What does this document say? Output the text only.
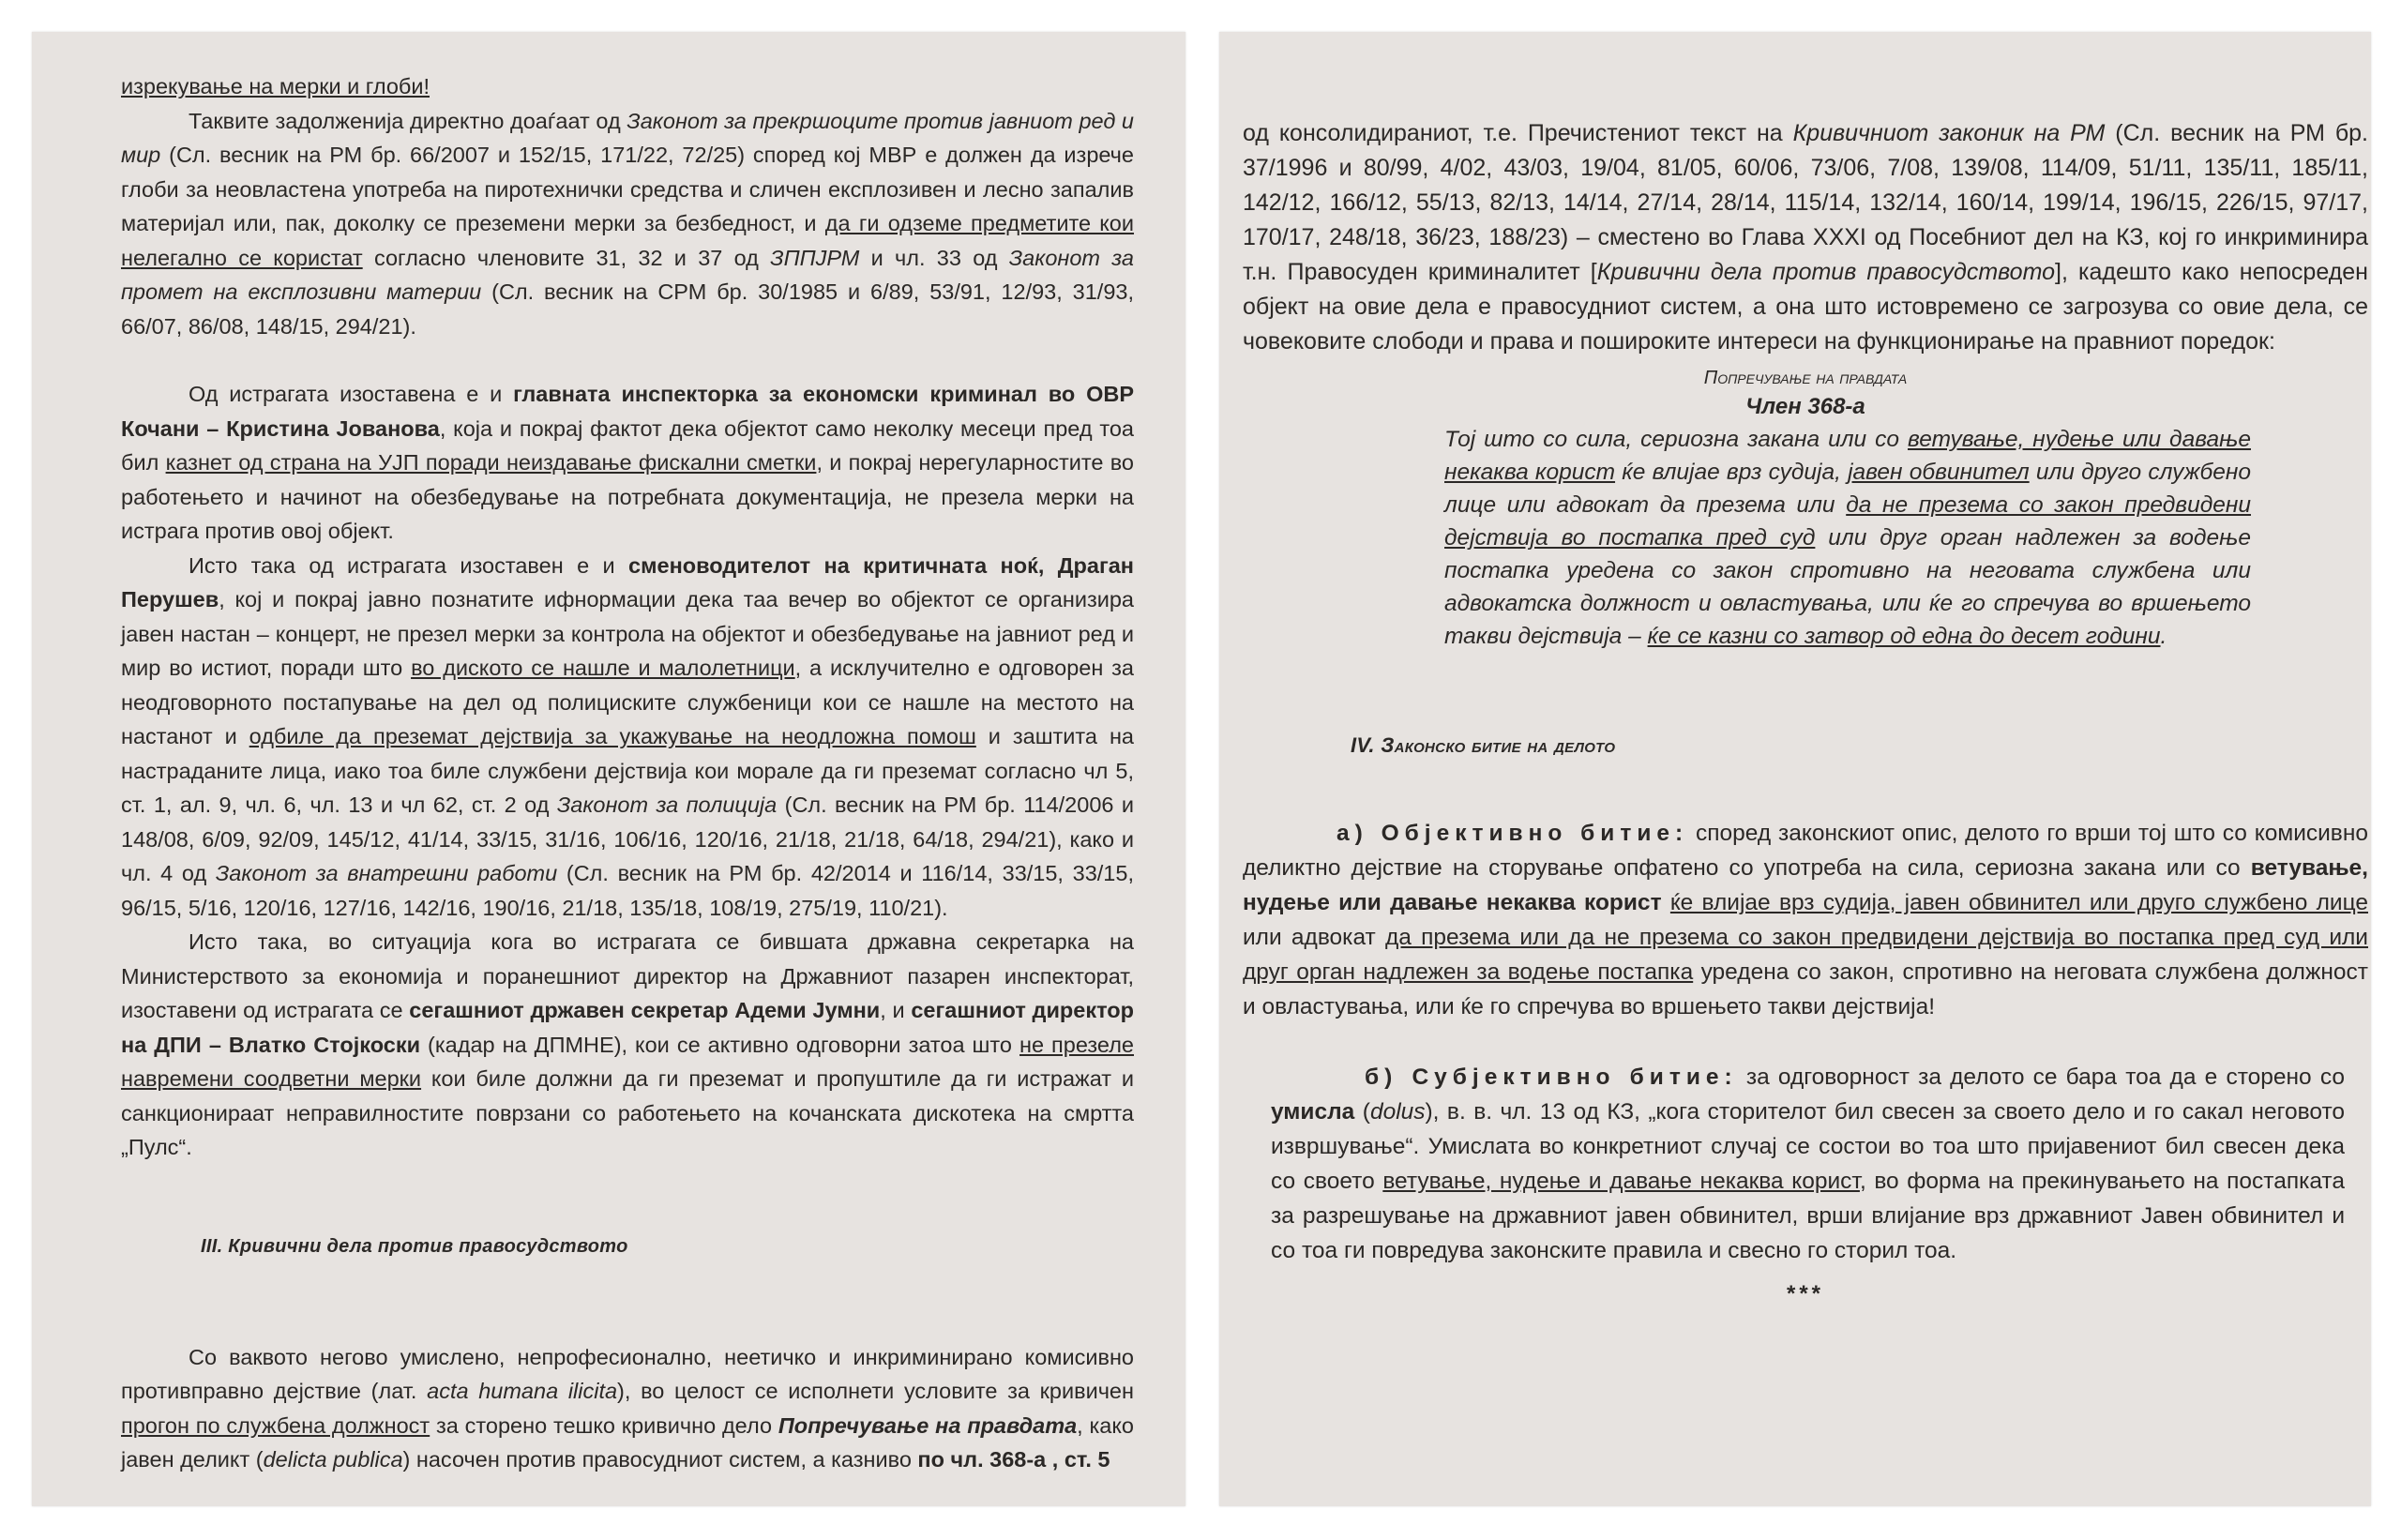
изрекување на мерки и глоби!

Таквите задолженија директно доаѓаат од Законот за прекршоците против јавниот ред и мир (Сл. весник на РМ бр. 66/2007 и 152/15, 171/22, 72/25) според кој МВР е должен да изрече глоби за неовластена употреба на пиротехнички средства и сличен експлозивен и лесно запалив материјал или, пак, доколку се преземени мерки за безбедност, и да ги одземе предметите кои нелегално се користат согласно членовите 31, 32 и 37 од ЗППЈРМ и чл. 33 од Законот за промет на експлозивни материи (Сл. весник на СРМ бр. 30/1985 и 6/89, 53/91, 12/93, 31/93, 66/07, 86/08, 148/15, 294/21).

Од истрагата изоставена е и главната инспекторка за економски криминал во ОВР Кочани – Кристина Јованова, која и покрај фактот дека објектот само неколку месеци пред тоа бил казнет од страна на УЈП поради неиздавање фискални сметки, и покрај нерегуларностите во работењето и начинот на обезбедување на потребната документација, не презела мерки на истрага против овој објект.

Исто така од истрагата изоставен е и сменоводителот на критичната ноќ, Драган Перушев, кој и покрај јавно познатите ифнормации дека таа вечер во објектот се организира јавен настан – концерт, не презел мерки за контрола на објектот и обезбедување на јавниот ред и мир во истиот, поради што во диското се нашле и малолетници, а исклучително е одговорен за неодговорното постапување на дел од полициските службеници кои се нашле на местото на настанот и одбиле да преземат дејствија за укажување на неодложна помош и заштита на настраданите лица, иако тоа биле службени дејствија кои морале да ги преземат согласно чл 5, ст. 1, ал. 9, чл. 6, чл. 13 и чл 62, ст. 2 од Законот за полиција (Сл. весник на РМ бр. 114/2006 и 148/08, 6/09, 92/09, 145/12, 41/14, 33/15, 31/16, 106/16, 120/16, 21/18, 21/18, 64/18, 294/21), како и чл. 4 од Законот за внатрешни работи (Сл. весник на РМ бр. 42/2014 и 116/14, 33/15, 33/15, 96/15, 5/16, 120/16, 127/16, 142/16, 190/16, 21/18, 135/18, 108/19, 275/19, 110/21).

Исто така, во ситуација кога во истрагата се бившата државна секретарка на Министерството за економија и поранешниот директор на Државниот пазарен инспекторат, изоставени од истрагата се сегашниот државен секретар Адеми Јумни, и сегашниот директор на ДПИ – Влатко Стојкоски (кадар на ДПМНЕ), кои се активно одговорни затоа што не презеле навремени соодветни мерки кои биле должни да ги преземат и пропуштиле да ги истражат и санкционираат неправилностите поврзани со работењето на кочанската дискотека на смртта „Пулс“.

III. Кривични дела против правосудството

Со ваквото негово умислено, непрофесионално, неетичко и инкриминирано комисивно противправно дејствие (лат. acta humana ilicita), во целост се исполнети условите за кривичен прогон по службена должност за сторено тешко кривично дело Попречување на правдата, како јавен деликт (delicta publica) насочен против правосудниот систем, а казниво по чл. 368-а , ст. 5

од консолидираниот, т.е. Пречистениот текст на Кривичниот законик на РМ (Сл. весник на РМ бр. 37/1996 и 80/99, 4/02, 43/03, 19/04, 81/05, 60/06, 73/06, 7/08, 139/08, 114/09, 51/11, 135/11, 185/11, 142/12, 166/12, 55/13, 82/13, 14/14, 27/14, 28/14, 115/14, 132/14, 160/14, 199/14, 196/15, 226/15, 97/17, 170/17, 248/18, 36/23, 188/23) – сместено во Глава XXXI од Посебниот дел на КЗ, кој го инкриминира т.н. Правосуден криминалитет [Кривични дела против правосудството], кадешто како непосреден објект на овие дела е правосудниот систем, а она што истовремено се загрозува со овие дела, се човековите слободи и права и пошироките интереси на функционирање на правниот поредок:

Попречување на правдата

Член 368-а

Тој што со сила, сериозна закана или со ветување, нудење или давање некаква корист ќе влијае врз судија, јавен обвинител или друго службено лице или адвокат да презема или да не презема со закон предвидени дејствија во постапка пред суд или друг орган надлежен за водење постапка уредена со закон спротивно на неговата службена или адвокатска должност и овластувања, или ќе го спречува во вршењето такви дејствија – ќе се казни со затвор од една до десет години.

IV. Законско битие на делото

а) Објективно битие: според законскиот опис, делото го врши тој што со комисивно деликтно дејствие на сторување опфатено со употреба на сила, сериозна закана или со ветување, нудење или давање некаква корист ќе влијае врз судија, јавен обвинител или друго службено лице или адвокат да презема или да не презема со закон предвидени дејствија во постапка пред суд или друг орган надлежен за водење постапка уредена со закон, спротивно на неговата службена должност и овластувања, или ќе го спречува во вршењето такви дејствија!

б) Субјективно битие: за одговорност за делото се бара тоа да е сторено со умисла (dolus), в. в. чл. 13 од КЗ, „кога сторителот бил свесен за своето дело и го сакал неговото извршување“. Умислата во конкретниот случај се состои во тоа што пријавениот бил свесен дека со своето ветување, нудење и давање некаква корист, во форма на прекинувањето на постапката за разрешување на државниот јавен обвинител, врши влијание врз државниот Јавен обвинител и со тоа ги повредува законските правила и свесно го сторил тоа.

***
